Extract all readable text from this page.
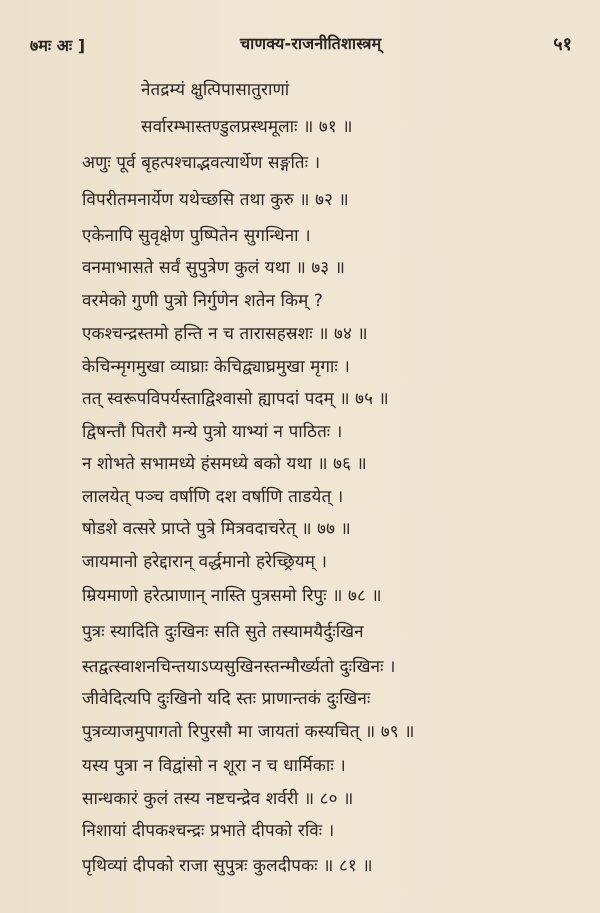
७मः अः ]	चाणक्य-राजनीतिशास्त्रम्	५१
नेतद्रम्यं क्षुत्पिपासातुराणां
सर्वारम्भास्तण्डुलप्रस्थमूलाः ॥ ७१ ॥
अणुः पूर्व बृहत्पश्चाद्भवत्यार्थेण सङ्गतिः ।
विपरीतमनार्येण यथेच्छसि तथा कुरु ॥ ७२ ॥
एकेनापि सुवृक्षेण पुष्पितेन सुगन्धिना ।
वनमाभासते सर्वं सुपुत्रेण कुलं यथा ॥ ७३ ॥
वरमेको गुणी पुत्रो निर्गुणेन शतेन किम् ?
एकश्चन्द्रस्तमो हन्ति न च तारासहस्रशः ॥ ७४ ॥
केचिन्मृगमुखा व्याघ्राः केचिद्व्याघ्रमुखा मृगाः ।
तत् स्वरूपविपर्यस्ताद्विश्वासो ह्यापदां पदम् ॥ ७५ ॥
द्विषन्तौ पितरौ मन्ये पुत्रो याभ्यां न पाठितः ।
न शोभते सभामध्ये हंसमध्ये बको यथा ॥ ७६ ॥
लालयेत् पञ्च वर्षाणि दश वर्षाणि ताडयेत् ।
षोडशे वत्सरे प्राप्ते पुत्रे मित्रवदाचरेत् ॥ ७७ ॥
जायमानो हरेद्दारान् वर्द्धमानो हरेच्छ्रियम् ।
म्रियमाणो हरेत्प्राणान् नास्ति पुत्रसमो रिपुः ॥ ७८ ॥
पुत्रः स्यादिति दुःखिनः सति सुते तस्यामयैर्दुःखिन
स्तद्वत्स्वाशनचिन्तयाऽप्यसुखिनस्तन्मौर्ख्यतो दुःखिनः ।
जीवेदित्यपि दुःखिनो यदि स्तः प्राणान्तकं दुःखिनः
पुत्रव्याजमुपागतो रिपुरसौ मा जायतां कस्यचित् ॥ ७९ ॥
यस्य पुत्रा न विद्वांसो न शूरा न च धार्मिकाः ।
सान्धकारं कुलं तस्य नष्टचन्द्रेव शर्वरी ॥ ८० ॥
निशायां दीपकश्चन्द्रः प्रभाते दीपको रविः ।
पृथिव्यां दीपको राजा सुपुत्रः कुलदीपकः ॥ ८१ ॥
